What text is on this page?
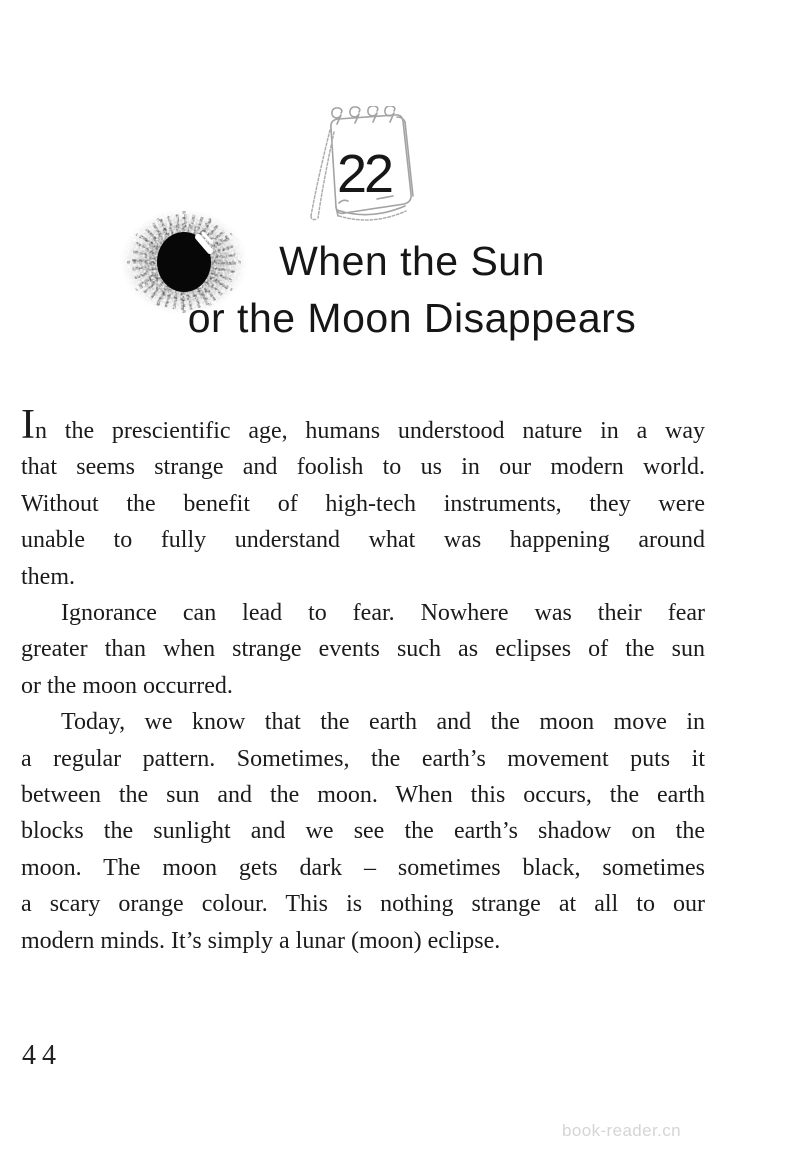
22
When the Sun
or the Moon Disappears
In the prescientific age, humans understood nature in a way
that seems strange and foolish to us in our modern world.
Without the benefit of high-tech instruments, they were
unable to fully understand what was happening around
them.
Ignorance can lead to fear. Nowhere was their fear
greater than when strange events such as eclipses of the sun
or the moon occurred.
Today, we know that the earth and the moon move in
a regular pattern. Sometimes, the earth’s movement puts it
between the sun and the moon. When this occurs, the earth
blocks the sunlight and we see the earth’s shadow on the
moon. The moon gets dark – sometimes black, sometimes
a scary orange colour. This is nothing strange at all to our
modern minds. It’s simply a lunar (moon) eclipse.
44
book-reader.cn
